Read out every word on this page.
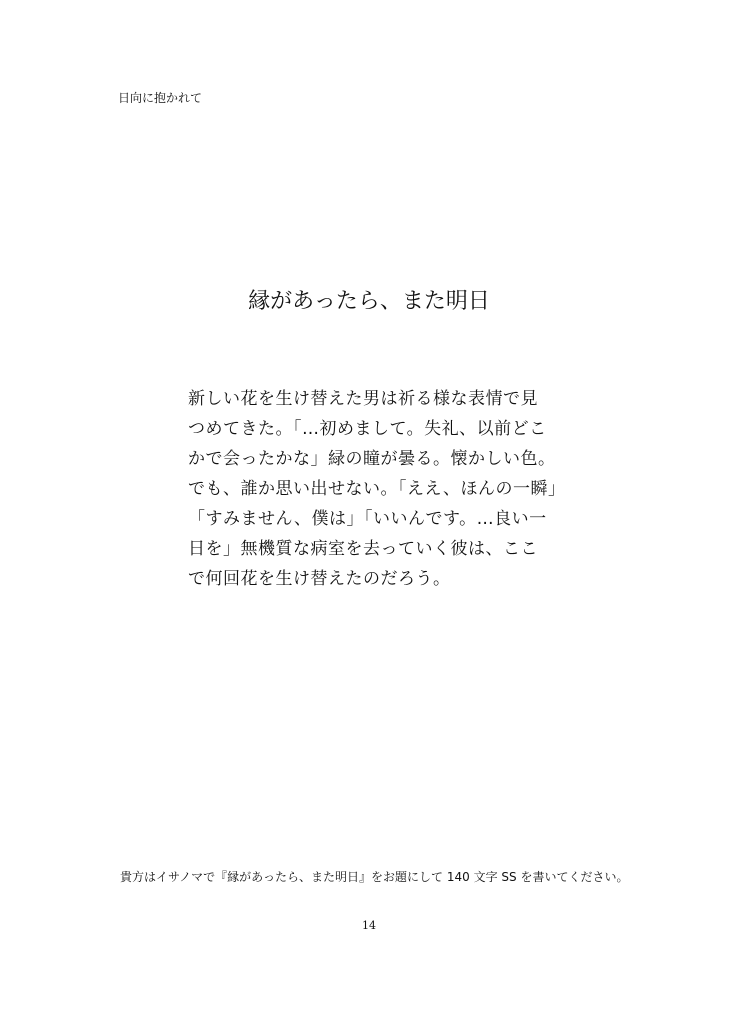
日向に抱かれて
縁があったら、また明日
新しい花を生け替えた男は祈る様な表情で見
つめてきた。「…初めまして。失礼、以前どこ
かで会ったかな」緑の瞳が曇る。懐かしい色。
でも、誰か思い出せない。「ええ、ほんの一瞬」
「すみません、僕は」「いいんです。…良い一
日を」無機質な病室を去っていく彼は、ここ
で何回花を生け替えたのだろう。
貴方はイサノマで『縁があったら、また明日』をお題にして 140 文字 SS を書いてください。
14
